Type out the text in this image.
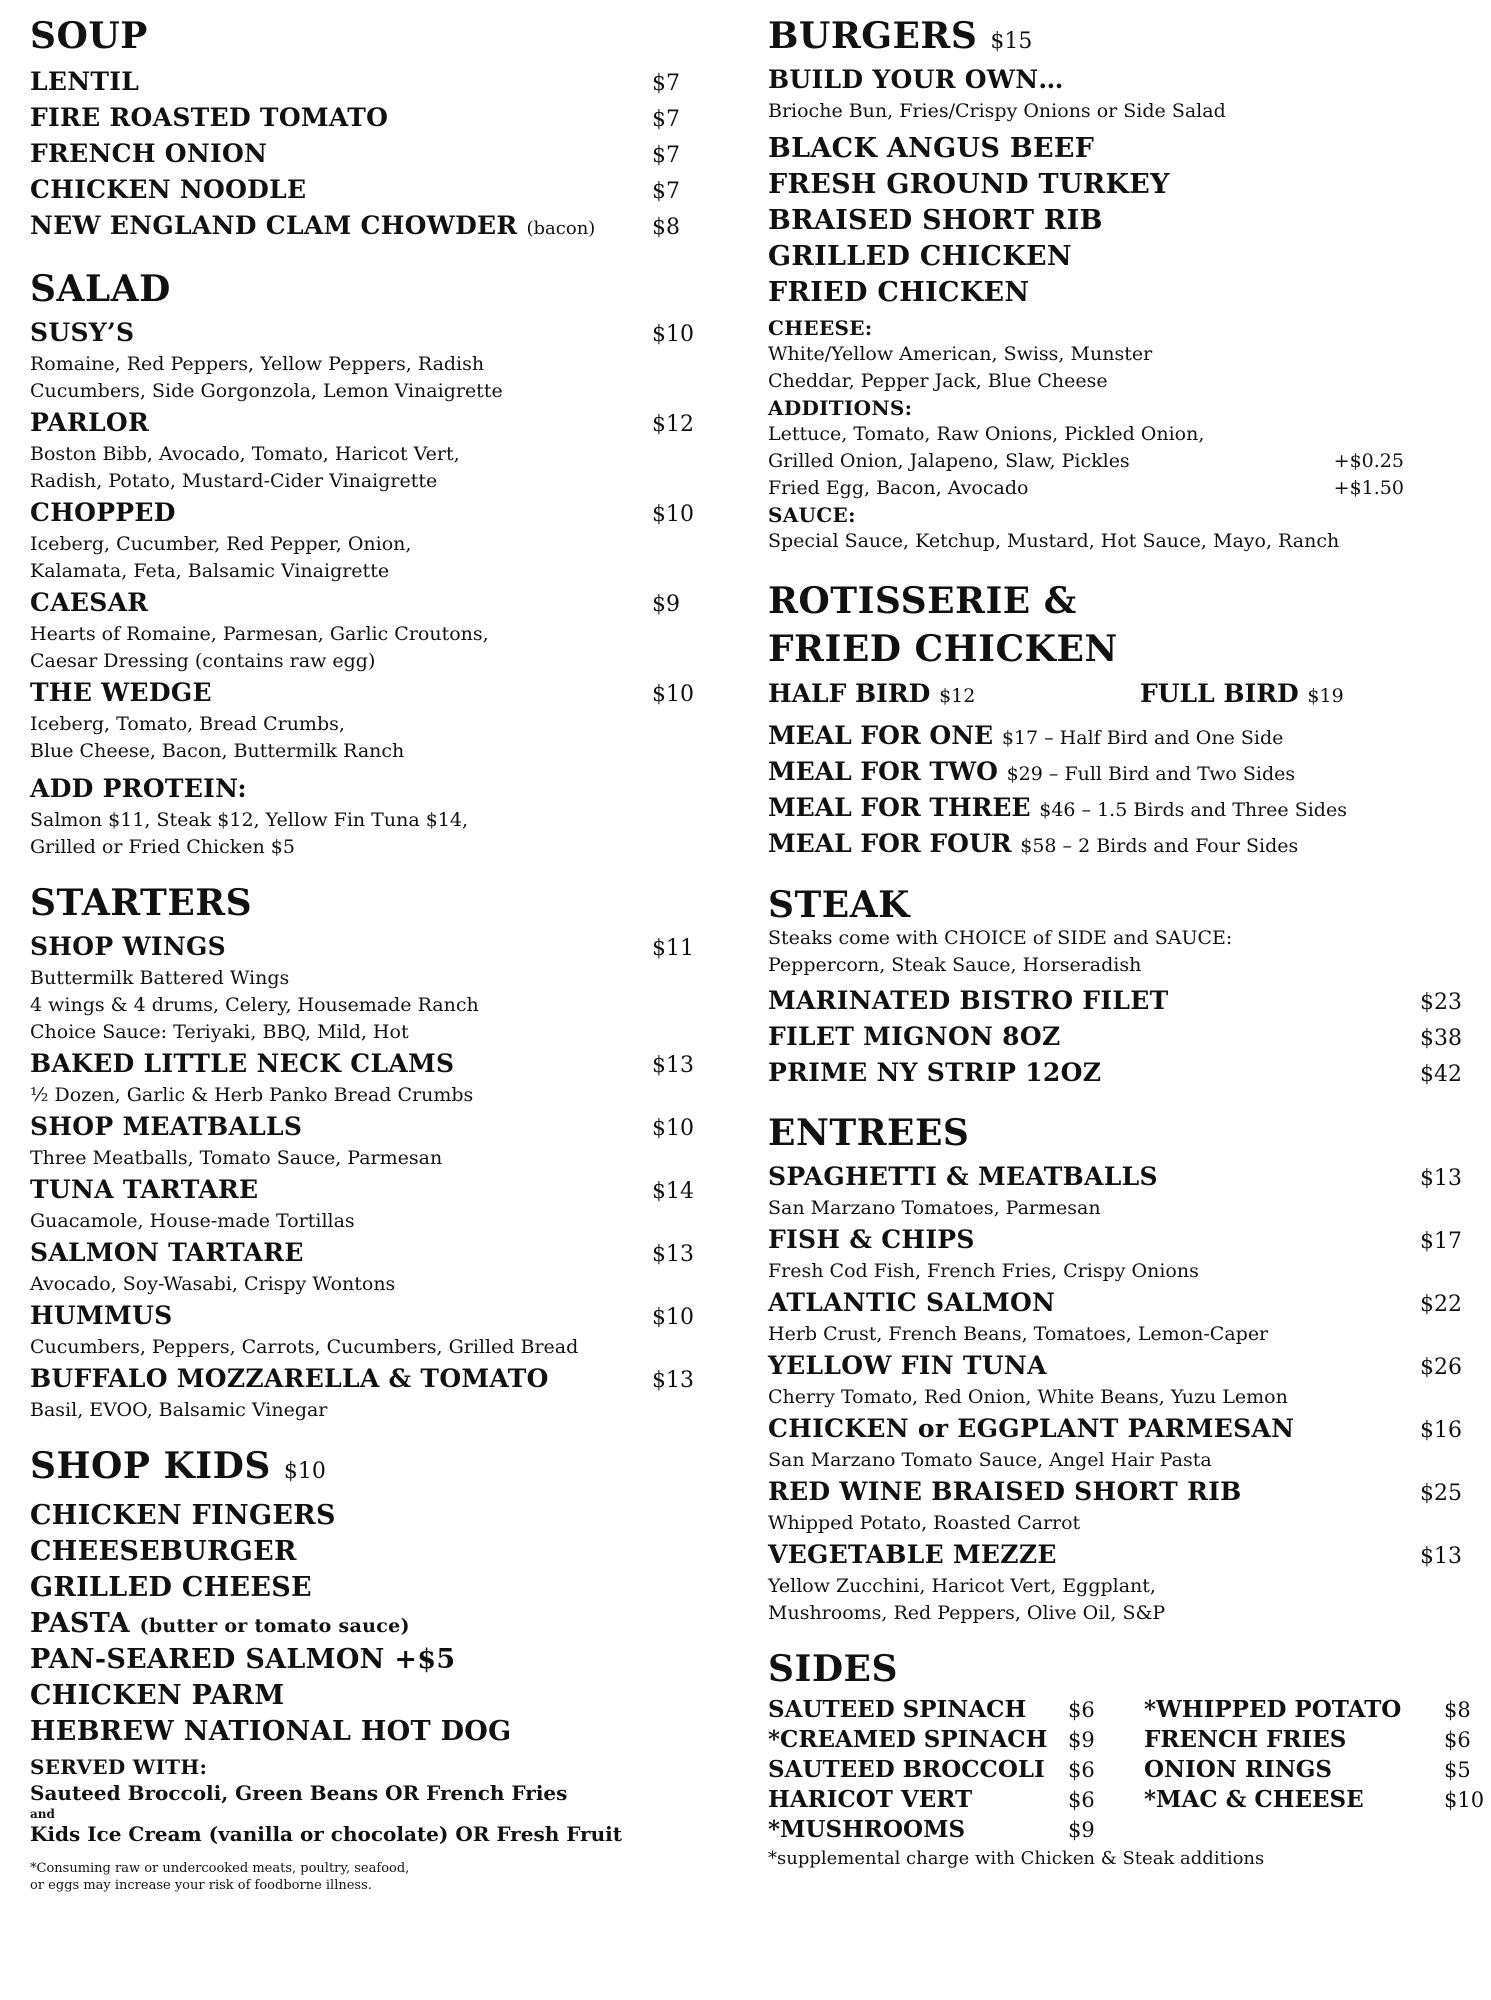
SOUP
LENTIL	$7
FIRE ROASTED TOMATO	$7
FRENCH ONION	$7
CHICKEN NOODLE	$7
NEW ENGLAND CLAM CHOWDER (bacon)	$8
SALAD
SUSY’S	$10
Romaine, Red Peppers, Yellow Peppers, Radish
Cucumbers, Side Gorgonzola, Lemon Vinaigrette
PARLOR	$12
Boston Bibb, Avocado, Tomato, Haricot Vert,
Radish, Potato, Mustard-Cider Vinaigrette
CHOPPED	$10
Iceberg, Cucumber, Red Pepper, Onion,
Kalamata, Feta, Balsamic Vinaigrette
CAESAR	$9
Hearts of Romaine, Parmesan, Garlic Croutons,
Caesar Dressing (contains raw egg)
THE WEDGE	$10
Iceberg, Tomato, Bread Crumbs,
Blue Cheese, Bacon, Buttermilk Ranch
ADD PROTEIN:
Salmon $11, Steak $12, Yellow Fin Tuna $14,
Grilled or Fried Chicken $5
STARTERS
SHOP WINGS	$11
Buttermilk Battered Wings
4 wings & 4 drums, Celery, Housemade Ranch
Choice Sauce: Teriyaki, BBQ, Mild, Hot
BAKED LITTLE NECK CLAMS	$13
½ Dozen, Garlic & Herb Panko Bread Crumbs
SHOP MEATBALLS	$10
Three Meatballs, Tomato Sauce, Parmesan
TUNA TARTARE	$14
Guacamole, House-made Tortillas
SALMON TARTARE	$13
Avocado, Soy-Wasabi, Crispy Wontons
HUMMUS	$10
Cucumbers, Peppers, Carrots, Cucumbers, Grilled Bread
BUFFALO MOZZARELLA & TOMATO	$13
Basil, EVOO, Balsamic Vinegar
SHOP KIDS $10
CHICKEN FINGERS
CHEESEBURGER
GRILLED CHEESE
PASTA (butter or tomato sauce)
PAN-SEARED SALMON +$5
CHICKEN PARM
HEBREW NATIONAL HOT DOG
SERVED WITH:
Sauteed Broccoli, Green Beans OR French Fries
and
Kids Ice Cream (vanilla or chocolate) OR Fresh Fruit
*Consuming raw or undercooked meats, poultry, seafood,
or eggs may increase your risk of foodborne illness.
BURGERS $15
BUILD YOUR OWN…
Brioche Bun, Fries/Crispy Onions or Side Salad
BLACK ANGUS BEEF
FRESH GROUND TURKEY
BRAISED SHORT RIB
GRILLED CHICKEN
FRIED CHICKEN
CHEESE:
White/Yellow American, Swiss, Munster
Cheddar, Pepper Jack, Blue Cheese
ADDITIONS:
Lettuce, Tomato, Raw Onions, Pickled Onion,
Grilled Onion, Jalapeno, Slaw, Pickles	+$0.25
Fried Egg, Bacon, Avocado	+$1.50
SAUCE:
Special Sauce, Ketchup, Mustard, Hot Sauce, Mayo, Ranch
ROTISSERIE &
FRIED CHICKEN
HALF BIRD $12	FULL BIRD $19
MEAL FOR ONE $17 – Half Bird and One Side
MEAL FOR TWO $29 – Full Bird and Two Sides
MEAL FOR THREE $46 – 1.5 Birds and Three Sides
MEAL FOR FOUR $58 – 2 Birds and Four Sides
STEAK
Steaks come with CHOICE of SIDE and SAUCE:
Peppercorn, Steak Sauce, Horseradish
MARINATED BISTRO FILET	$23
FILET MIGNON 8OZ	$38
PRIME NY STRIP 12OZ	$42
ENTREES
SPAGHETTI & MEATBALLS	$13
San Marzano Tomatoes, Parmesan
FISH & CHIPS	$17
Fresh Cod Fish, French Fries, Crispy Onions
ATLANTIC SALMON	$22
Herb Crust, French Beans, Tomatoes, Lemon-Caper
YELLOW FIN TUNA	$26
Cherry Tomato, Red Onion, White Beans, Yuzu Lemon
CHICKEN or EGGPLANT PARMESAN	$16
San Marzano Tomato Sauce, Angel Hair Pasta
RED WINE BRAISED SHORT RIB	$25
Whipped Potato, Roasted Carrot
VEGETABLE MEZZE	$13
Yellow Zucchini, Haricot Vert, Eggplant,
Mushrooms, Red Peppers, Olive Oil, S&P
SIDES
SAUTEED SPINACH	$6	*WHIPPED POTATO	$8
*CREAMED SPINACH $9	FRENCH FRIES	$6
SAUTEED BROCCOLI	$6	ONION RINGS	$5
HARICOT VERT	$6	*MAC & CHEESE	$10
*MUSHROOMS	$9
*supplemental charge with Chicken & Steak additions
